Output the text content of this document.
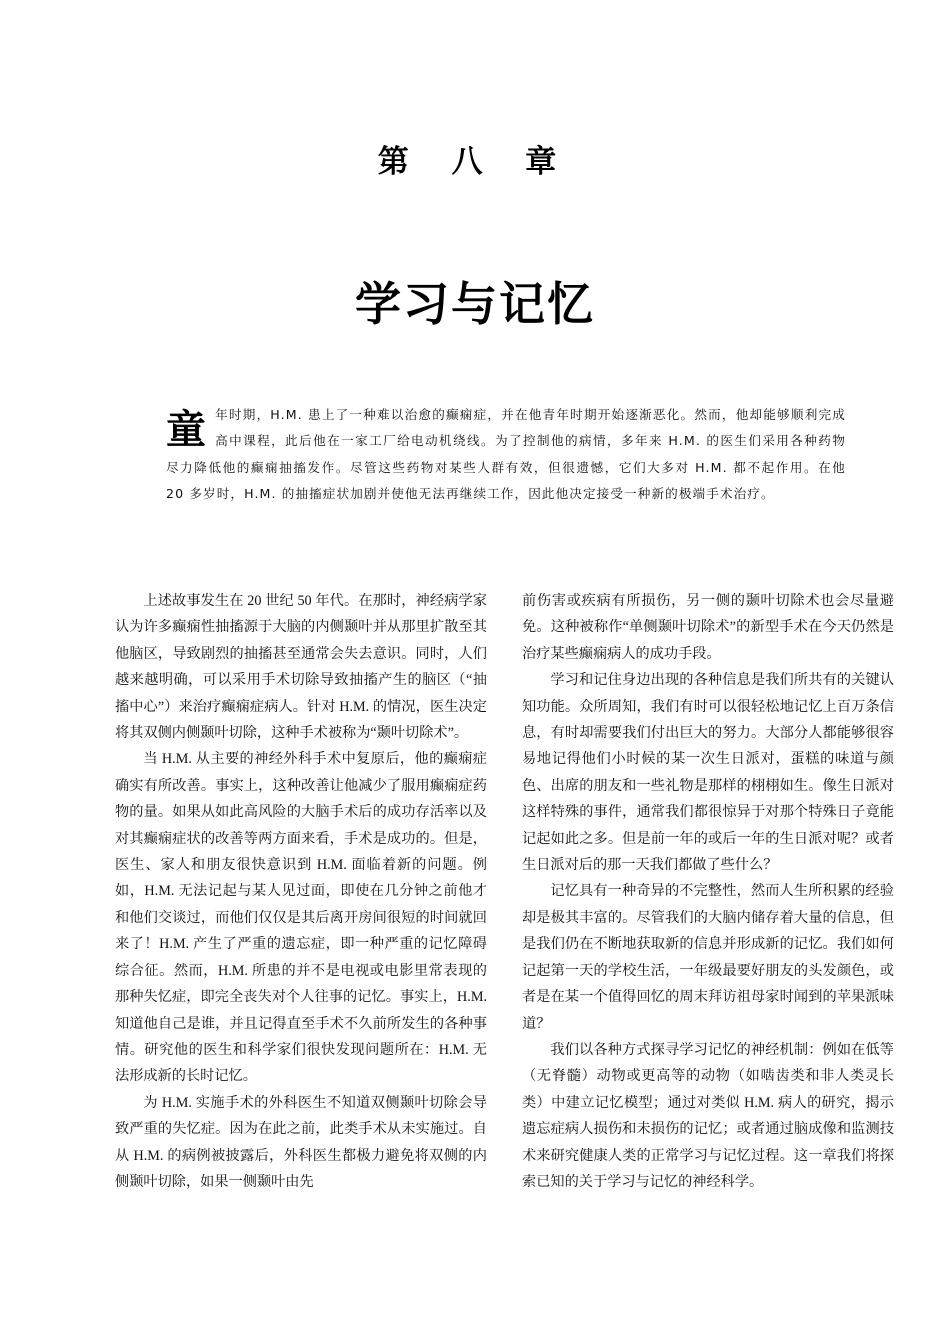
第 八 章
学习与记忆
童年时期，H.M. 患上了一种难以治愈的癫痫症，并在他青年时期开始逐渐恶化。然而，他却能够顺利完成高中课程，此后他在一家工厂给电动机绕线。为了控制他的病情，多年来 H.M. 的医生们采用各种药物尽力降低他的癫痫抽搐发作。尽管这些药物对某些人群有效，但很遗憾，它们大多对 H.M. 都不起作用。在他 20 多岁时，H.M. 的抽搐症状加剧并使他无法再继续工作，因此他决定接受一种新的极端手术治疗。

上述故事发生在 20 世纪 50 年代。在那时，神经病学家认为许多癫痫性抽搐源于大脑的内侧颞叶并从那里扩散至其他脑区，导致剧烈的抽搐甚至通常会失去意识。同时，人们越来越明确，可以采用手术切除导致抽搐产生的脑区（“抽搐中心”）来治疗癫痫症病人。针对 H.M. 的情况，医生决定将其双侧内侧颞叶切除，这种手术被称为“颞叶切除术”。

当 H.M. 从主要的神经外科手术中复原后，他的癫痫症确实有所改善。事实上，这种改善让他减少了服用癫痫症药物的量。如果从如此高风险的大脑手术后的成功存活率以及对其癫痫症状的改善等两方面来看，手术是成功的。但是，医生、家人和朋友很快意识到 H.M. 面临着新的问题。例如，H.M. 无法记起与某人见过面，即使在几分钟之前他才和他们交谈过，而他们仅仅是其后离开房间很短的时间就回来了！H.M. 产生了严重的遗忘症，即一种严重的记忆障碍综合征。然而，H.M. 所患的并不是电视或电影里常表现的那种失忆症，即完全丧失对个人往事的记忆。事实上，H.M. 知道他自己是谁，并且记得直至手术不久前所发生的各种事情。研究他的医生和科学家们很快发现问题所在：H.M. 无法形成新的长时记忆。

为 H.M. 实施手术的外科医生不知道双侧颞叶切除会导致严重的失忆症。因为在此之前，此类手术从未实施过。自从 H.M. 的病例被披露后，外科医生都极力避免将双侧的内侧颞叶切除，如果一侧颞叶由先

前伤害或疾病有所损伤，另一侧的颞叶切除术也会尽量避免。这种被称作“单侧颞叶切除术”的新型手术在今天仍然是治疗某些癫痫病人的成功手段。

学习和记住身边出现的各种信息是我们所共有的关键认知功能。众所周知，我们有时可以很轻松地记忆上百万条信息，有时却需要我们付出巨大的努力。大部分人都能够很容易地记得他们小时候的某一次生日派对，蛋糕的味道与颜色、出席的朋友和一些礼物是那样的栩栩如生。像生日派对这样特殊的事件，通常我们都很惊异于对那个特殊日子竟能记起如此之多。但是前一年的或后一年的生日派对呢？或者生日派对后的那一天我们都做了些什么？

记忆具有一种奇异的不完整性，然而人生所积累的经验却是极其丰富的。尽管我们的大脑内储存着大量的信息，但是我们仍在不断地获取新的信息并形成新的记忆。我们如何记起第一天的学校生活，一年级最要好朋友的头发颜色，或者是在某一个值得回忆的周末拜访祖母家时闻到的苹果派味道？

我们以各种方式探寻学习记忆的神经机制：例如在低等（无脊髓）动物或更高等的动物（如啮齿类和非人类灵长类）中建立记忆模型；通过对类似 H.M. 病人的研究，揭示遗忘症病人损伤和未损伤的记忆；或者通过脑成像和监测技术来研究健康人类的正常学习与记忆过程。这一章我们将探索已知的关于学习与记忆的神经科学。
